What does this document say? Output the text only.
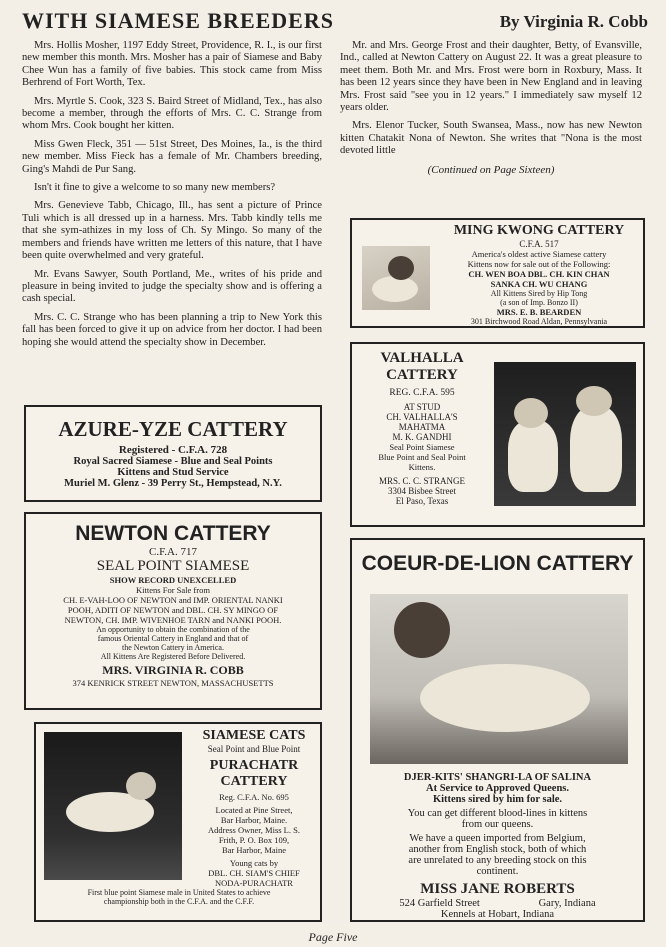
WITH SIAMESE BREEDERS	By Virginia R. Cobb

Mrs. Hollis Mosher, 1197 Eddy Street, Providence, R. I., is our first new member this month. Mrs. Mosher has a pair of Siamese and Baby Chee Wun has a family of five babies. This stock came from Miss Berhrend of Fort Worth, Tex.

Mrs. Myrtle S. Cook, 323 S. Baird Street of Midland, Tex., has also become a member, through the efforts of Mrs. C. C. Strange from whom Mrs. Cook bought her kitten.

Miss Gwen Fleck, 351 — 51st Street, Des Moines, Ia., is the third new member. Miss Fieck has a female of Mr. Chambers breeding, Ging's Mahdi de Pur Sang.

Isn't it fine to give a welcome to so many new members?

Mrs. Genevieve Tabb, Chicago, Ill., has sent a picture of Prince Tuli which is all dressed up in a harness. Mrs. Tabb kindly tells me that she sym-athizes in my loss of Ch. Sy Mingo. So many of the members and friends have written me letters of this nature, that I have been quite overwhelmed and very grateful.

Mr. Evans Sawyer, South Portland, Me., writes of his pride and pleasure in being invited to judge the specialty show and is offering a cash special.

Mrs. C. C. Strange who has been planning a trip to New York this fall has been forced to give it up on advice from her doctor. I had been hoping she would attend the specialty show in December.

Mr. and Mrs. George Frost and their daughter, Betty, of Evansville, Ind., called at Newton Cattery on August 22. It was a great pleasure to meet them. Both Mr. and Mrs. Frost were born in Roxbury, Mass. It has been 12 years since they have been in New England and in leaving Mrs. Frost said "see you in 12 years." I immediately saw myself 12 years older.

Mrs. Elenor Tucker, South Swansea, Mass., now has new Newton kitten Chatakit Nona of Newton. She writes that "Nona is the most devoted little

(Continued on Page Sixteen)
MING KWONG CATTERY
C.F.A. 517
America's oldest active Siamese cattery
Kittens now for sale out of the Following:
CH. WEN BOA DBL. CH. KIN CHAN
SANKA CH. WU CHANG
All Kittens Sired by Hip Tong
(a son of Imp. Bonzo II)
MRS. E. B. BEARDEN
301 Birchwood Road Aldan, Pennsylvania
VALHALLA
CATTERY
REG. C.F.A. 595
AT STUD
CH. VALHALLA'S
MAHATMA
M. K. GANDHI
Seal Point Siamese
Blue Point and Seal Point
Kittens.
MRS. C. C. STRANGE
3304 Bisbee Street
El Paso, Texas
AZURE-YZE CATTERY
Registered - C.F.A. 728
Royal Sacred Siamese - Blue and Seal Points
Kittens and Stud Service
Muriel M. Glenz - 39 Perry St., Hempstead, N.Y.
NEWTON CATTERY
C.F.A. 717
SEAL POINT SIAMESE
SHOW RECORD UNEXCELLED
Kittens For Sale from
CH. E-VAH-LOO OF NEWTON and IMP. ORIENTAL NANKI
POOH, ADITI OF NEWTON and DBL. CH. SY MINGO OF
NEWTON, CH. IMP. WIVENHOE TARN and NANKI POOH.
An opportunity to obtain the combination of the
famous Oriental Cattery in England and that of
the Newton Cattery in America.
All Kittens Are Registered Before Delivered.
MRS. VIRGINIA R. COBB
374 KENRICK STREET NEWTON, MASSACHUSETTS
SIAMESE CATS
Seal Point and Blue Point
PURACHATR
CATTERY
Reg. C.F.A. No. 695
Located at Pine Street,
Bar Harbor, Maine.
Address Owner, Miss L. S.
Frith, P. O. Box 109,
Bar Harbor, Maine
Young cats by
DBL. CH. SIAM'S CHIEF
NODA-PURACHATR
First blue point Siamese male in United States to achieve
championship both in the C.F.A. and the C.F.F.
COEUR-DE-LION CATTERY
DJER-KITS' SHANGRI-LA OF SALINA
At Service to Approved Queens.
Kittens sired by him for sale.
You can get different blood-lines in kittens
from our queens.
We have a queen imported from Belgium,
another from English stock, both of which
are unrelated to any breeding stock on this
continent.
MISS JANE ROBERTS
524 Garfield Street	Gary, Indiana
Kennels at Hobart, Indiana
Page Five
